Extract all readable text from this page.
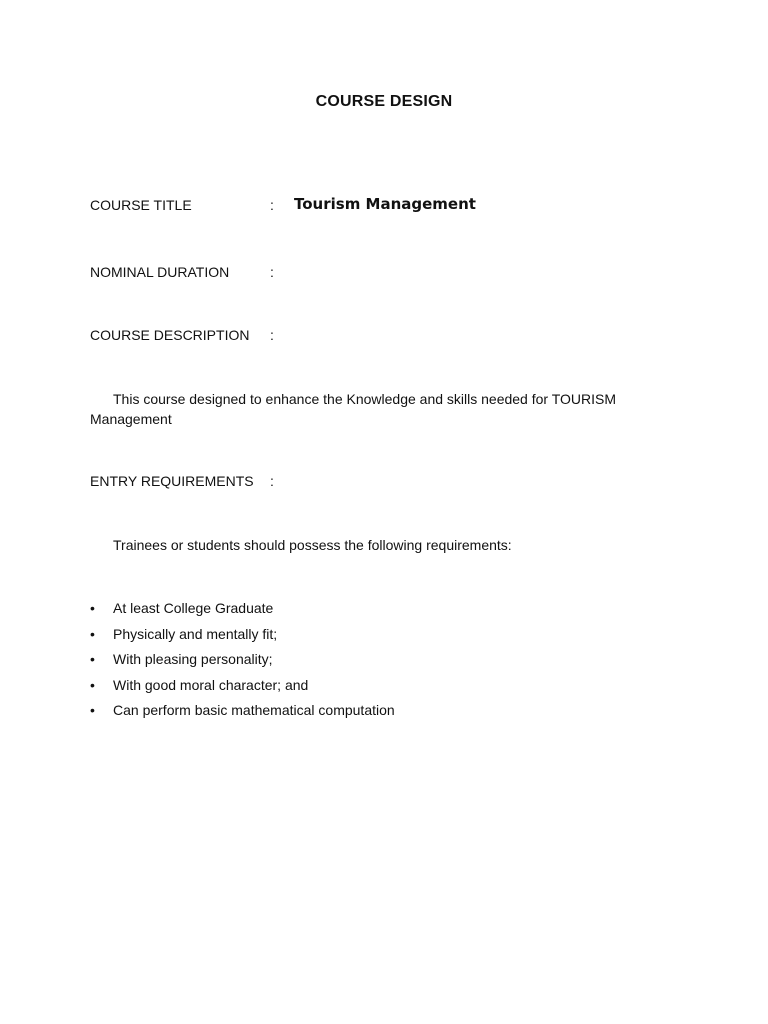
COURSE DESIGN
COURSE TITLE	: Tourism Management
NOMINAL DURATION	:
COURSE DESCRIPTION :
This course designed to enhance the Knowledge and skills needed for TOURISM Management
ENTRY REQUIREMENTS :
Trainees or students should possess the following requirements:
• At least College Graduate
• Physically and mentally fit;
• With pleasing personality;
• With good moral character; and
• Can perform basic mathematical computation
